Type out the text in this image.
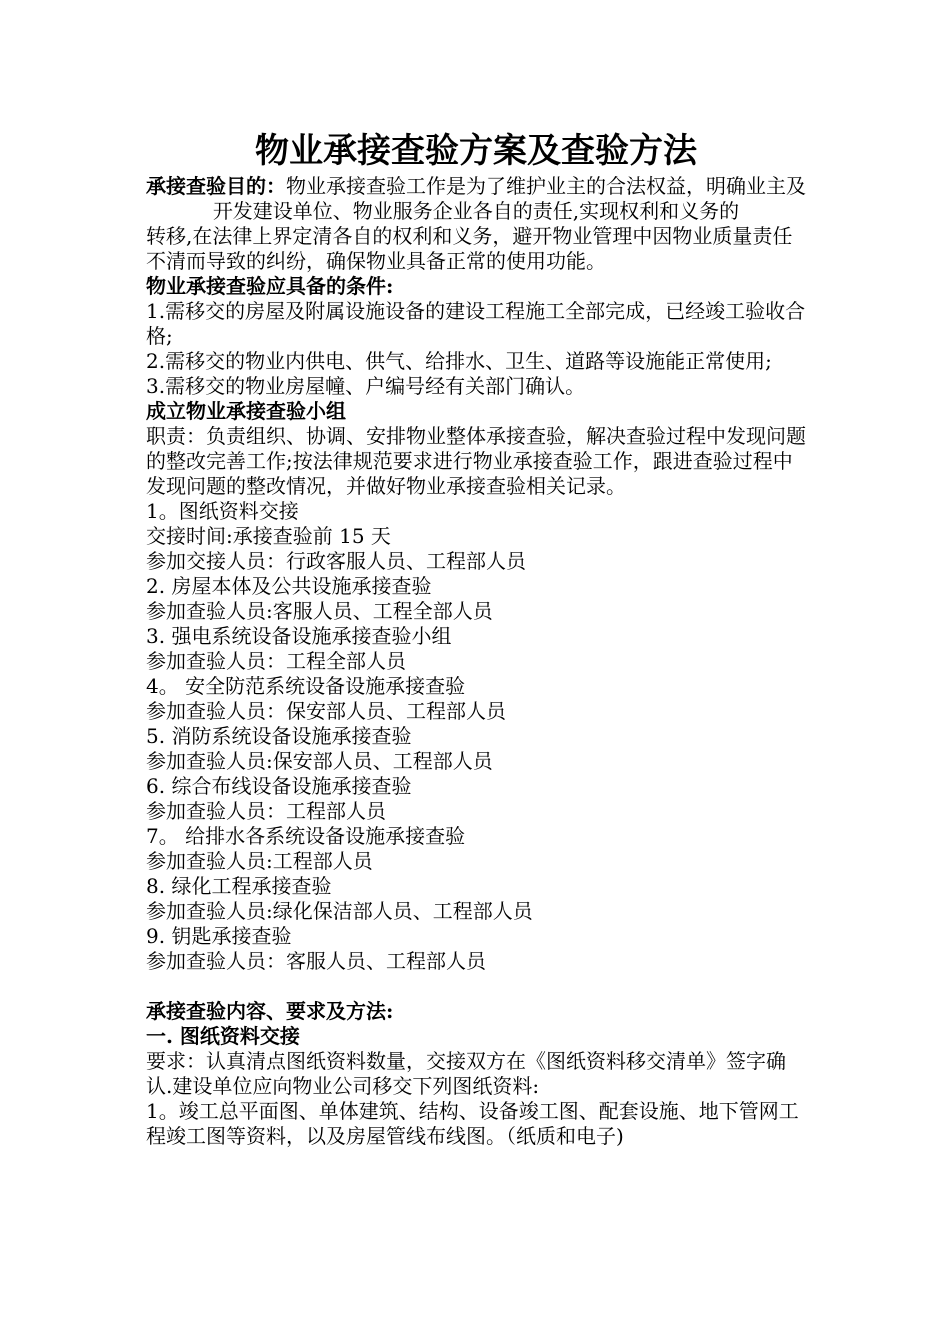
物业承接查验方案及查验方法

承接查验目的：物业承接查验工作是为了维护业主的合法权益，明确业主及开发建设单位、物业服务企业各自的责任,实现权利和义务的

转移,在法律上界定清各自的权利和义务，避开物业管理中因物业质量责任不清而导致的纠纷，确保物业具备正常的使用功能。

物业承接查验应具备的条件:

1.需移交的房屋及附属设施设备的建设工程施工全部完成，已经竣工验收合格;

2.需移交的物业内供电、供气、给排水、卫生、道路等设施能正常使用;

3.需移交的物业房屋幢、户编号经有关部门确认。

成立物业承接查验小组

职责：负责组织、协调、安排物业整体承接查验，解决查验过程中发现问题的整改完善工作;按法律规范要求进行物业承接查验工作，跟进查验过程中发现问题的整改情况，并做好物业承接查验相关记录。

1。图纸资料交接

交接时间:承接查验前 15 天

参加交接人员：行政客服人员、工程部人员

2. 房屋本体及公共设施承接查验

参加查验人员:客服人员、工程全部人员

3. 强电系统设备设施承接查验小组

参加查验人员：工程全部人员

4。 安全防范系统设备设施承接查验

参加查验人员：保安部人员、工程部人员

5. 消防系统设备设施承接查验

参加查验人员:保安部人员、工程部人员

6. 综合布线设备设施承接查验

参加查验人员：工程部人员

7。 给排水各系统设备设施承接查验

参加查验人员:工程部人员

8. 绿化工程承接查验

参加查验人员:绿化保洁部人员、工程部人员

9. 钥匙承接查验

参加查验人员：客服人员、工程部人员

承接查验内容、要求及方法:

一. 图纸资料交接

要求：认真清点图纸资料数量，交接双方在《图纸资料移交清单》签字确认.建设单位应向物业公司移交下列图纸资料:

1。竣工总平面图、单体建筑、结构、设备竣工图、配套设施、地下管网工程竣工图等资料，以及房屋管线布线图。（纸质和电子)
